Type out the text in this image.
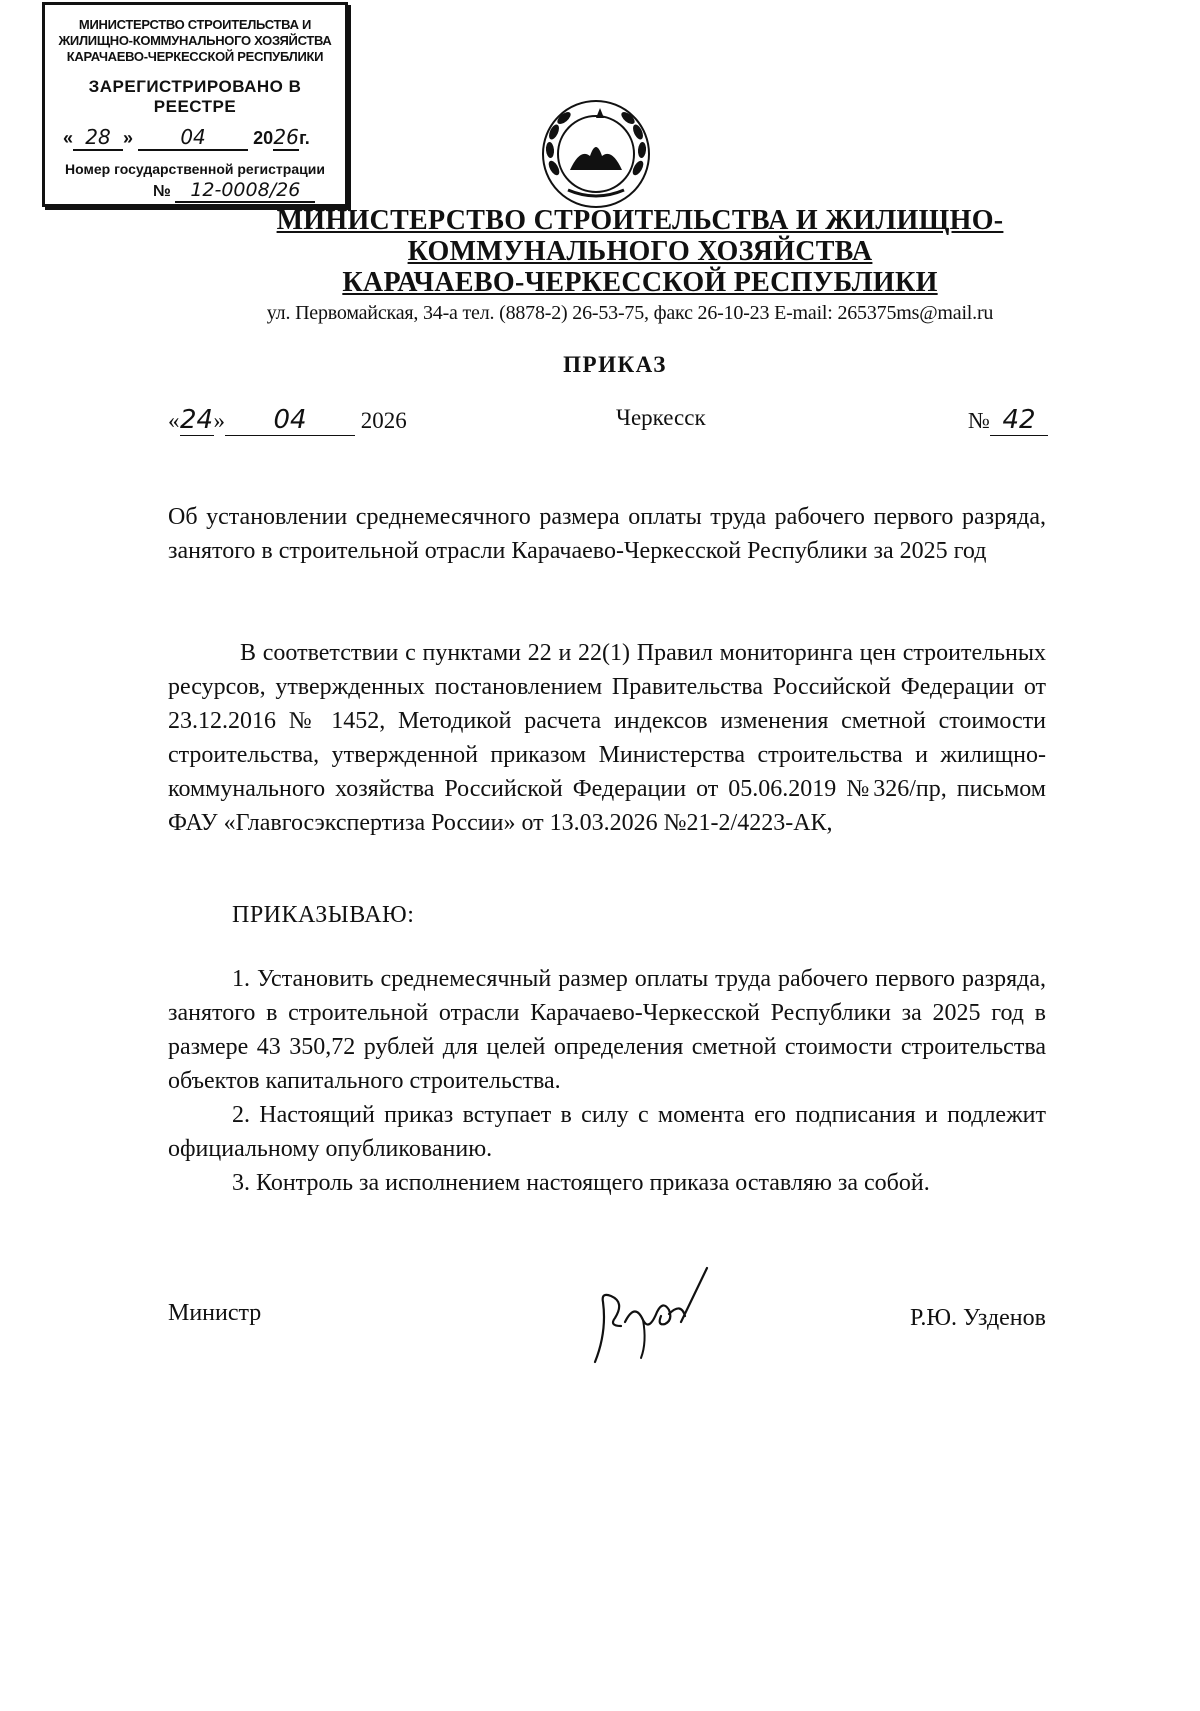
МИНИСТЕРСТВО СТРОИТЕЛЬСТВА И
ЖИЛИЩНО-КОММУНАЛЬНОГО ХОЗЯЙСТВА
КАРАЧАЕВО-ЧЕРКЕССКОЙ РЕСПУБЛИКИ
ЗАРЕГИСТРИРОВАНО В РЕЕСТРЕ
« 28 » 04	2026г.
Номер государственной регистрации
№ 12-0008/26
МИНИСТЕРСТВО СТРОИТЕЛЬСТВА И ЖИЛИЩНО-
КОММУНАЛЬНОГО ХОЗЯЙСТВА
КАРАЧАЕВО-ЧЕРКЕССКОЙ РЕСПУБЛИКИ
ул. Первомайская, 34-а тел. (8878-2) 26-53-75, факс 26-10-23 E-mail: 265375ms@mail.ru
ПРИКАЗ
«24» 04 2026	Черкесск	№ 42
Об установлении среднемесячного размера оплаты труда рабочего первого разряда, занятого в строительной отрасли Карачаево-Черкесской Республики за 2025 год
В соответствии с пунктами 22 и 22(1) Правил мониторинга цен строительных ресурсов, утвержденных постановлением Правительства Российской Федерации от 23.12.2016 № 1452, Методикой расчета индексов изменения сметной стоимости строительства, утвержденной приказом Министерства строительства и жилищно-коммунального хозяйства Российской Федерации от 05.06.2019 №326/пр, письмом ФАУ «Главгосэкспертиза России» от 13.03.2026 №21-2/4223-АК,
ПРИКАЗЫВАЮ:

1. Установить среднемесячный размер оплаты труда рабочего первого разряда, занятого в строительной отрасли Карачаево-Черкесской Республики за 2025 год в размере 43 350,72 рублей для целей определения сметной стоимости строительства объектов капитального строительства.

2. Настоящий приказ вступает в силу с момента его подписания и подлежит официальному опубликованию.

3. Контроль за исполнением настоящего приказа оставляю за собой.

Министр	Р.Ю. Узденов
